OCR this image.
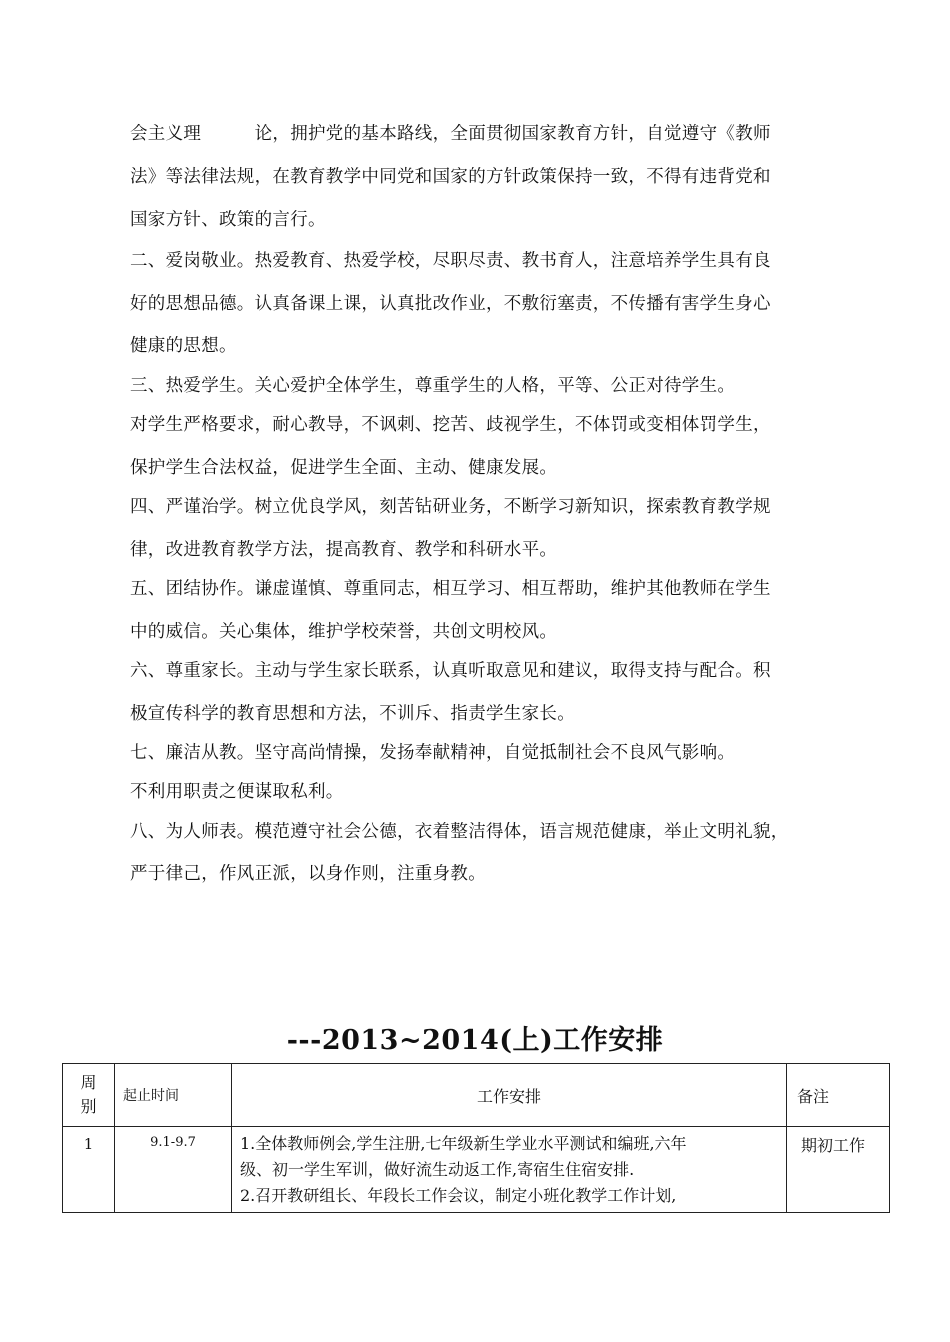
会主义理　　　论，拥护党的基本路线，全面贯彻国家教育方针，自觉遵守《教师
法》等法律法规，在教育教学中同党和国家的方针政策保持一致，不得有违背党和
国家方针、政策的言行。
二、爱岗敬业。热爱教育、热爱学校，尽职尽责、教书育人，注意培养学生具有良
好的思想品德。认真备课上课，认真批改作业，不敷衍塞责，不传播有害学生身心
健康的思想。
三、热爱学生。关心爱护全体学生，尊重学生的人格，平等、公正对待学生。
对学生严格要求，耐心教导，不讽刺、挖苦、歧视学生，不体罚或变相体罚学生，
保护学生合法权益，促进学生全面、主动、健康发展。
四、严谨治学。树立优良学风，刻苦钻研业务，不断学习新知识，探索教育教学规
律，改进教育教学方法，提高教育、教学和科研水平。
五、团结协作。谦虚谨慎、尊重同志，相互学习、相互帮助，维护其他教师在学生
中的威信。关心集体，维护学校荣誉，共创文明校风。
六、尊重家长。主动与学生家长联系，认真听取意见和建议，取得支持与配合。积
极宣传科学的教育思想和方法，不训斥、指责学生家长。
七、廉洁从教。坚守高尚情操，发扬奉献精神，自觉抵制社会不良风气影响。
不利用职责之便谋取私利。
八、为人师表。模范遵守社会公德，衣着整洁得体，语言规范健康，举止文明礼貌，
严于律己，作风正派，以身作则，注重身教。
---2013~2014(上)工作安排
周
别	起止时间	工作安排	备注
1	9.1-9.7	1.全体教师例会,学生注册,七年级新生学业水平测试和编班,六年
级、初一学生军训，做好流生动返工作,寄宿生住宿安排.
2.召开教研组长、年段长工作会议，制定小班化教学工作计划,	期初工作
